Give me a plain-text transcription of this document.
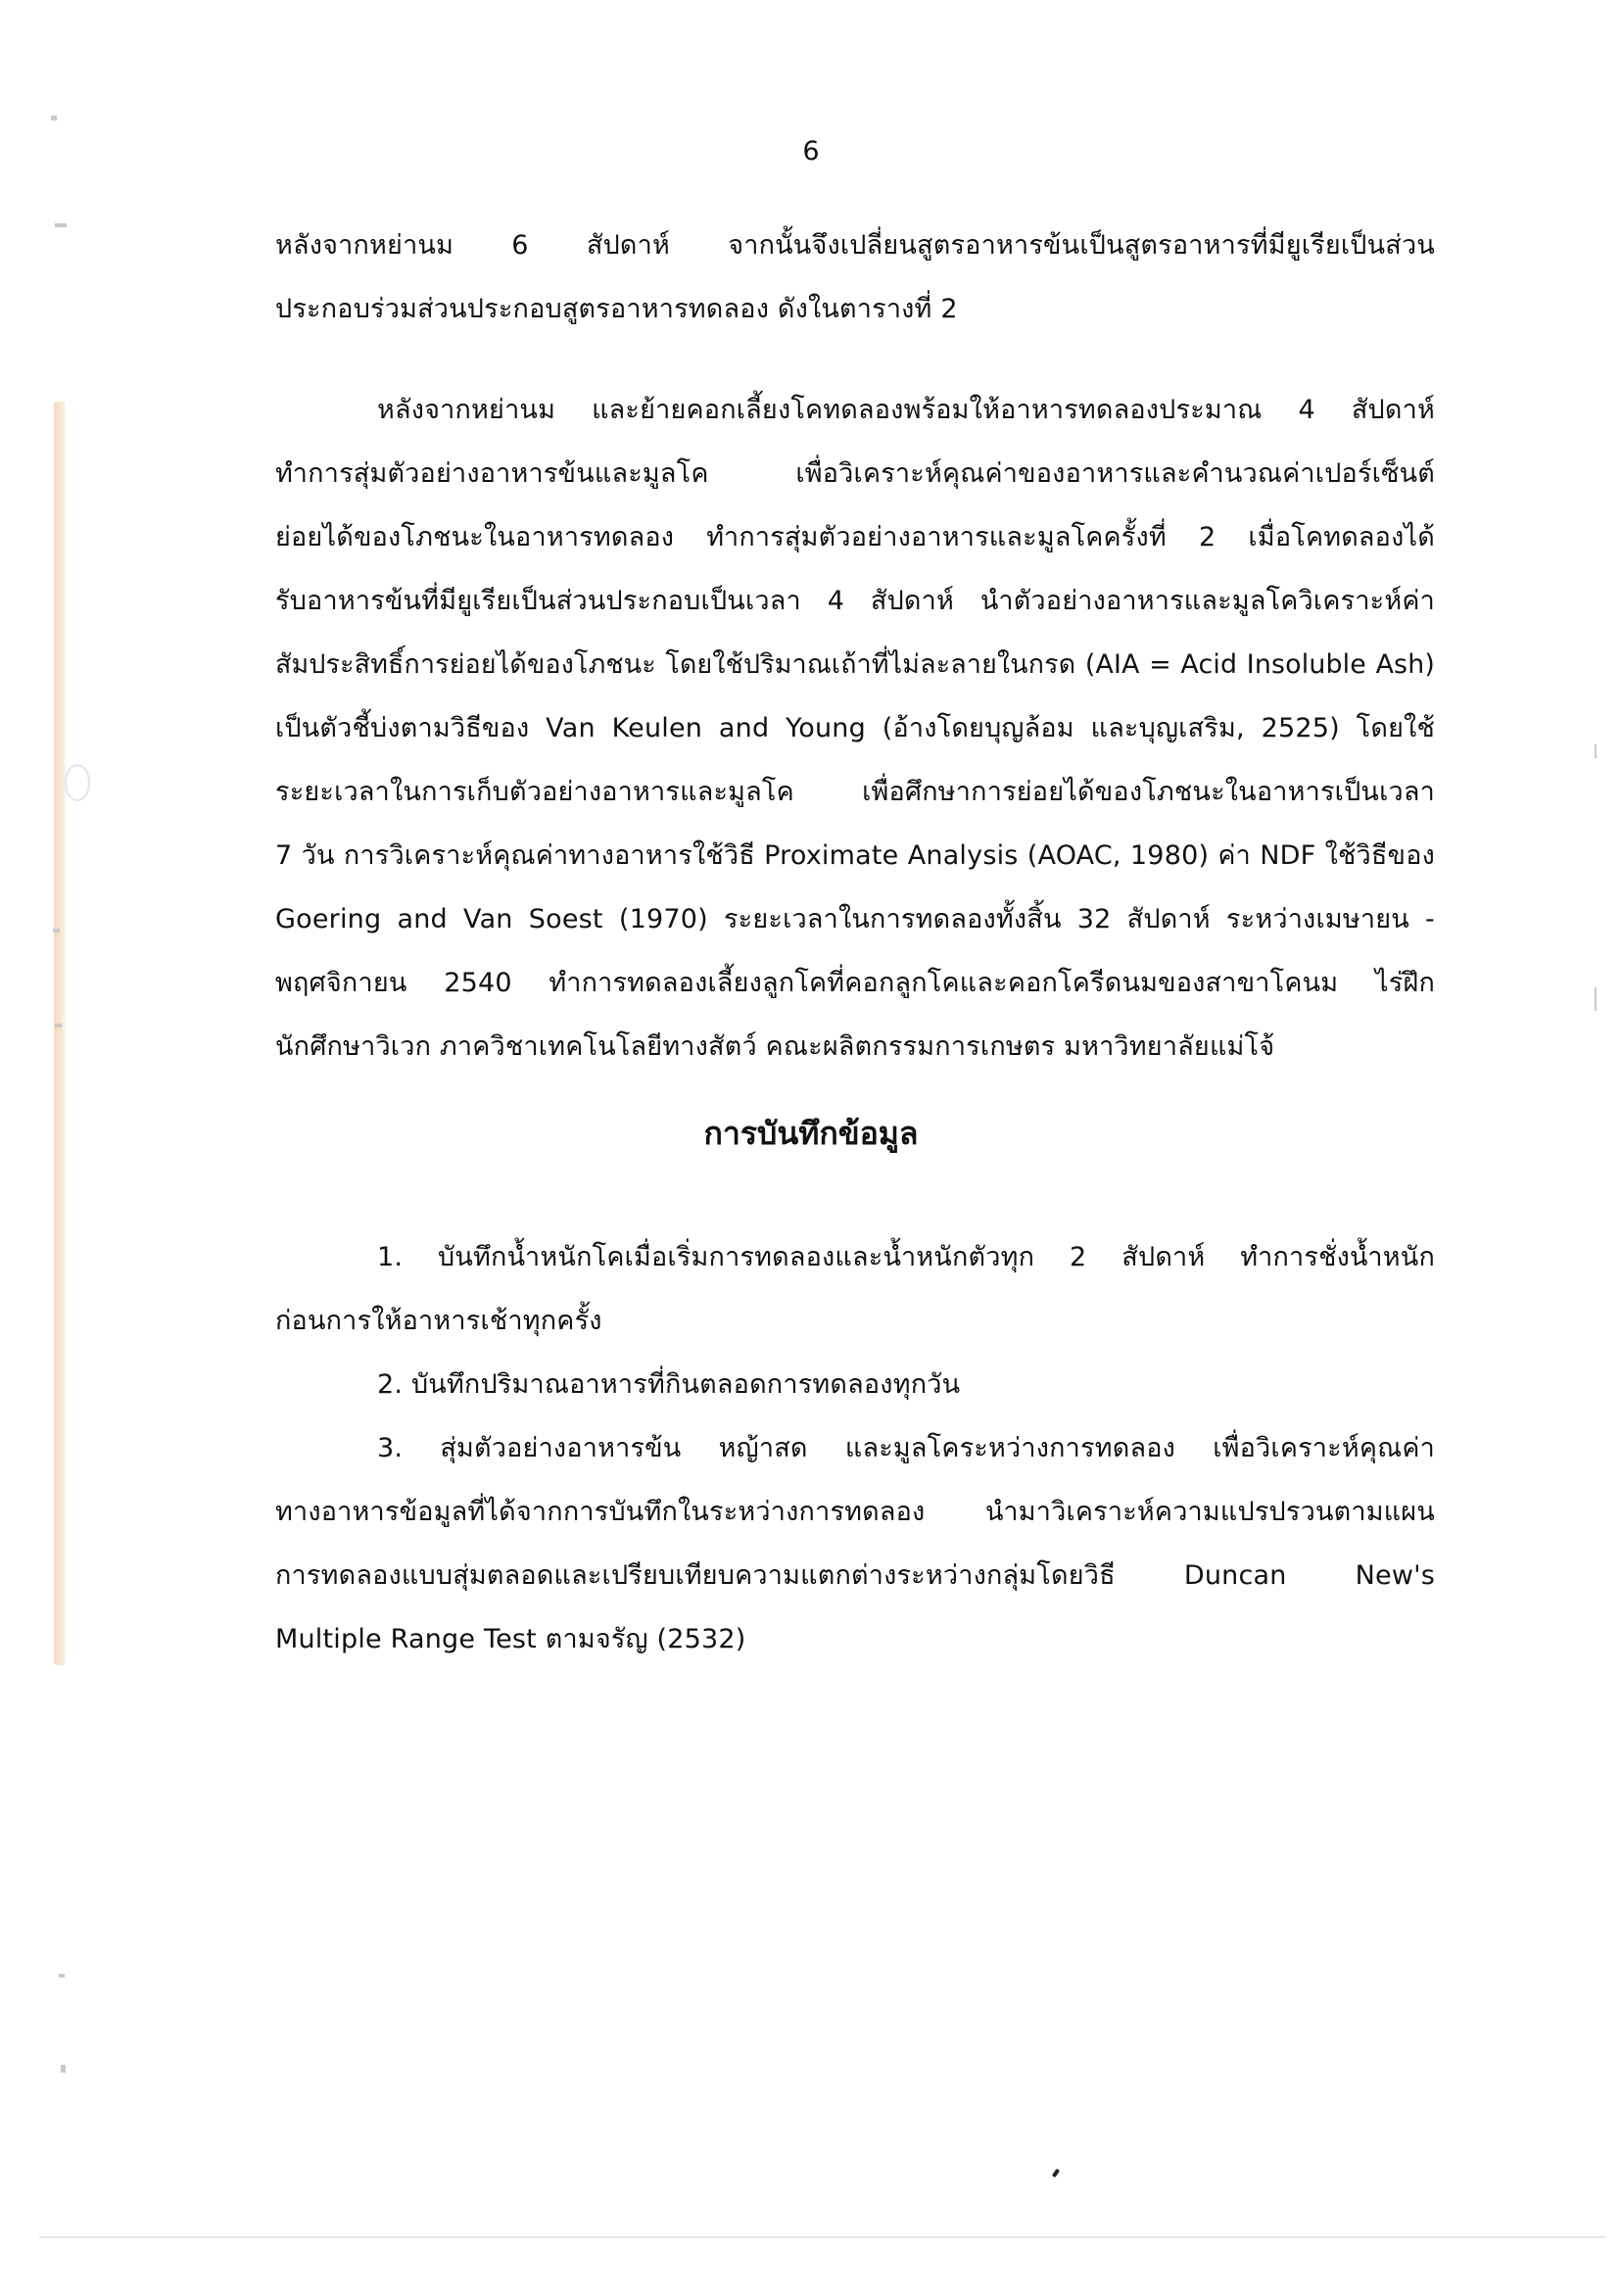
6
หลังจากหย่านม 6 สัปดาห์ จากนั้นจึงเปลี่ยนสูตรอาหารข้นเป็นสูตรอาหารที่มียูเรียเป็นส่วน
ประกอบร่วมส่วนประกอบสูตรอาหารทดลอง ดังในตารางที่ 2
หลังจากหย่านม และย้ายคอกเลี้ยงโคทดลองพร้อมให้อาหารทดลองประมาณ 4 สัปดาห์
ทำการสุ่มตัวอย่างอาหารข้นและมูลโค เพื่อวิเคราะห์คุณค่าของอาหารและคำนวณค่าเปอร์เซ็นต์
ย่อยได้ของโภชนะในอาหารทดลอง ทำการสุ่มตัวอย่างอาหารและมูลโคครั้งที่ 2 เมื่อโคทดลองได้
รับอาหารข้นที่มียูเรียเป็นส่วนประกอบเป็นเวลา 4 สัปดาห์ นำตัวอย่างอาหารและมูลโควิเคราะห์ค่า
สัมประสิทธิ์การย่อยได้ของโภชนะ โดยใช้ปริมาณเถ้าที่ไม่ละลายในกรด (AIA = Acid Insoluble Ash)
เป็นตัวชี้บ่งตามวิธีของ Van Keulen and Young (อ้างโดยบุญล้อม และบุญเสริม, 2525) โดยใช้
ระยะเวลาในการเก็บตัวอย่างอาหารและมูลโค เพื่อศึกษาการย่อยได้ของโภชนะในอาหารเป็นเวลา
7 วัน การวิเคราะห์คุณค่าทางอาหารใช้วิธี Proximate Analysis (AOAC, 1980) ค่า NDF ใช้วิธีของ
Goering and Van Soest (1970) ระยะเวลาในการทดลองทั้งสิ้น 32 สัปดาห์ ระหว่างเมษายน -
พฤศจิกายน 2540 ทำการทดลองเลี้ยงลูกโคที่คอกลูกโคและคอกโครีดนมของสาขาโคนม ไร่ฝึก
นักศึกษาวิเวก ภาควิชาเทคโนโลยีทางสัตว์ คณะผลิตกรรมการเกษตร มหาวิทยาลัยแม่โจ้
การบันทึกข้อมูล
1. บันทึกน้ำหนักโคเมื่อเริ่มการทดลองและน้ำหนักตัวทุก 2 สัปดาห์ ทำการชั่งน้ำหนัก
ก่อนการให้อาหารเช้าทุกครั้ง
2. บันทึกปริมาณอาหารที่กินตลอดการทดลองทุกวัน
3. สุ่มตัวอย่างอาหารข้น หญ้าสด และมูลโคระหว่างการทดลอง เพื่อวิเคราะห์คุณค่า
ทางอาหารข้อมูลที่ได้จากการบันทึกในระหว่างการทดลอง นำมาวิเคราะห์ความแปรปรวนตามแผน
การทดลองแบบสุ่มตลอดและเปรียบเทียบความแตกต่างระหว่างกลุ่มโดยวิธี Duncan New's
Multiple Range Test ตามจรัญ (2532)
